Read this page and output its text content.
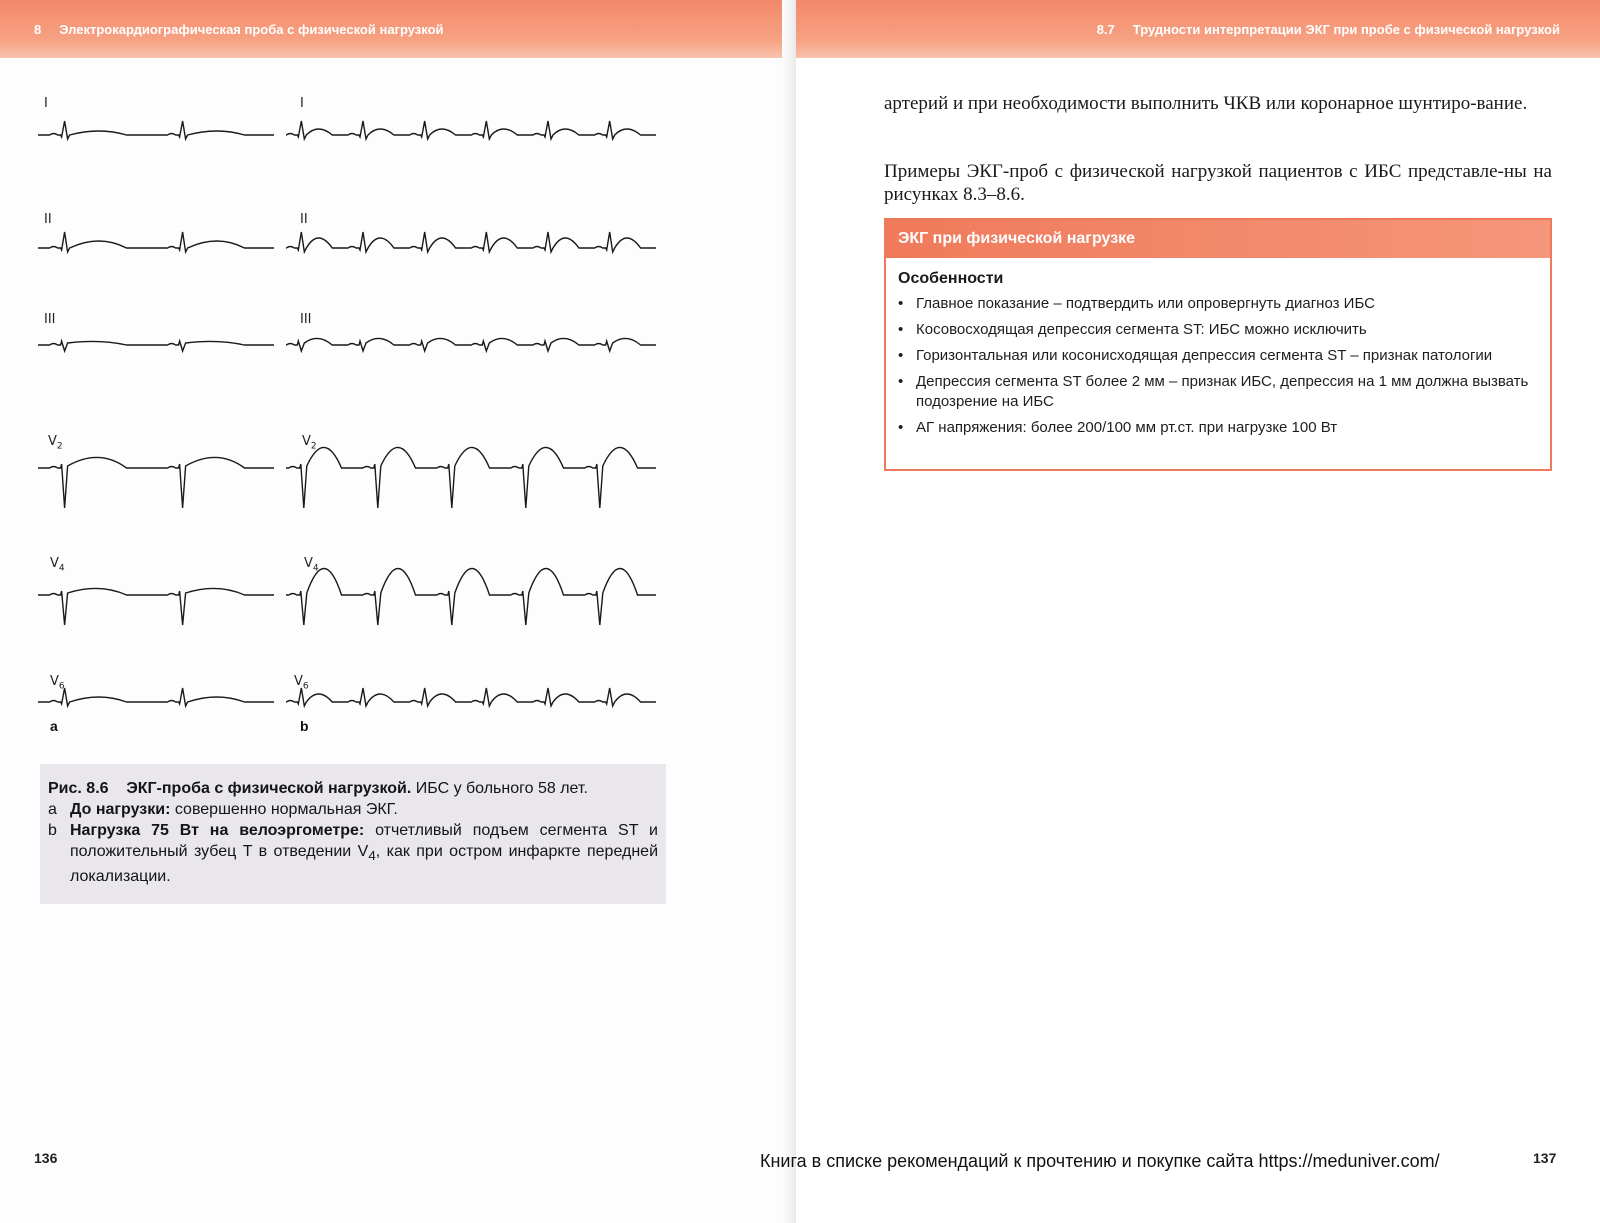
8 Электрокардиографическая проба с физической нагрузкой
I
II
III
$V_2$
$V_4$
$V_6$
I
II
III
$V_2$
$V_4$
$V_6$
a	b
Рис. 8.6 ЭКГ-проба с физической нагрузкой. ИБС у больного 58 лет.
a До нагрузки: совершенно нормальная ЭКГ.
b Нагрузка 75 Вт на велоэргометре: отчетливый подъем сегмента ST и положительный зубец T в отведении $V_4$, как при остром инфаркте передней локализации.
136
8.7 Трудности интерпретации ЭКГ при пробе с физической нагрузкой
артерий и при необходимости выполнить ЧКВ или коронарное шунтиро-вание.
Примеры ЭКГ-проб с физической нагрузкой пациентов с ИБС представле-ны на рисунках 8.3–8.6.
ЭКГ при физической нагрузке
Особенности
• Главное показание – подтвердить или опровергнуть диагноз ИБС
• Косовосходящая депрессия сегмента ST: ИБС можно исключить
• Горизонтальная или косонисходящая депрессия сегмента ST – признак патологии
• Депрессия сегмента ST более 2 мм – признак ИБС, депрессия на 1 мм должна вызвать подозрение на ИБС
• АГ напряжения: более 200/100 мм рт.ст. при нагрузке 100 Вт
Книга в списке рекомендаций к прочтению и покупке сайта https://meduniver.com/	137
